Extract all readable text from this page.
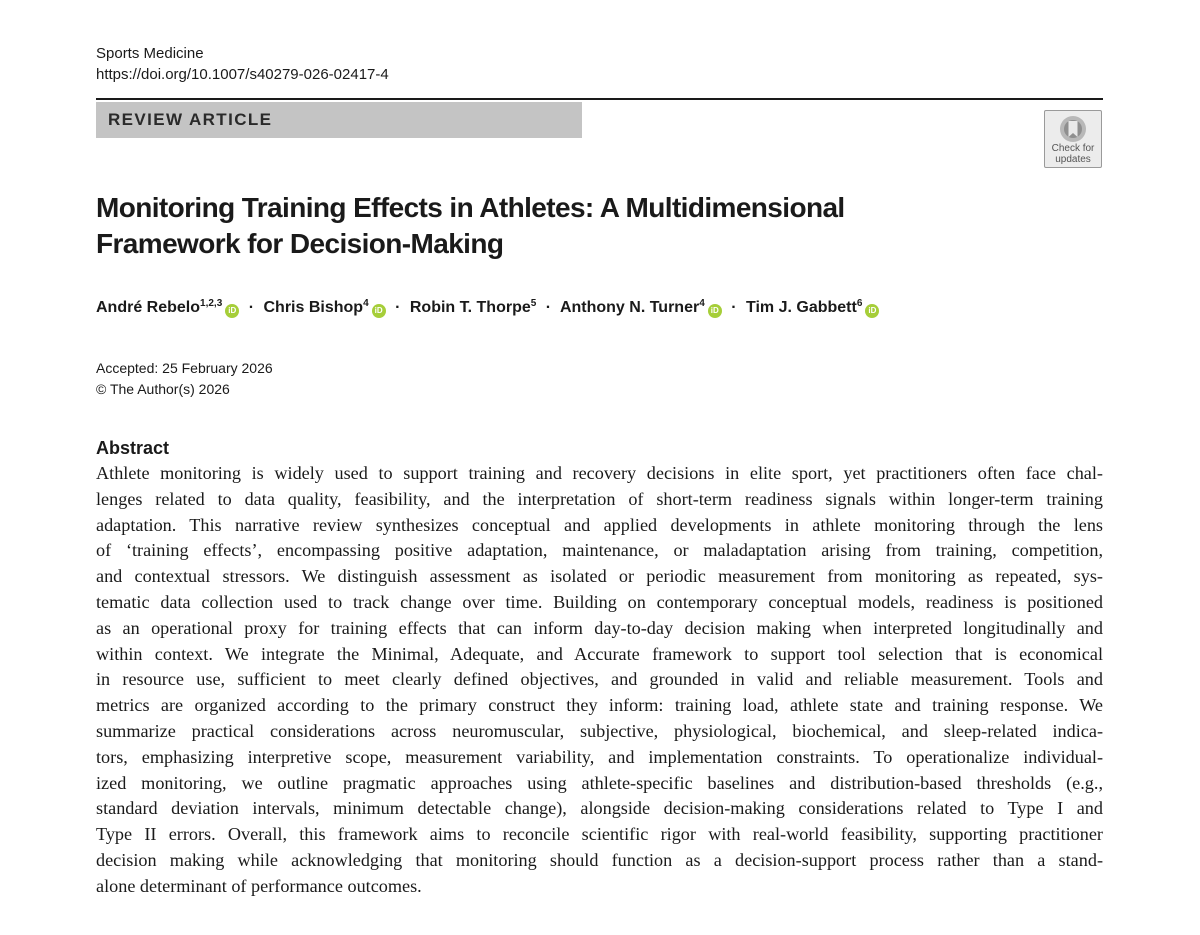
Sports Medicine
https://doi.org/10.1007/s40279-026-02417-4
REVIEW ARTICLE
Check for
updates
Monitoring Training Effects in Athletes: A Multidimensional
Framework for Decision-Making
André Rebelo$^{1,2,3}$iD · Chris Bishop$^4$iD · Robin T. Thorpe$^5$ · Anthony N. Turner$^4$iD · Tim J. Gabbett$^6$iD
Accepted: 25 February 2026
© The Author(s) 2026
Abstract
Athlete monitoring is widely used to support training and recovery decisions in elite sport, yet practitioners often face chal-
lenges related to data quality, feasibility, and the interpretation of short-term readiness signals within longer-term training
adaptation. This narrative review synthesizes conceptual and applied developments in athlete monitoring through the lens
of ‘training effects’, encompassing positive adaptation, maintenance, or maladaptation arising from training, competition,
and contextual stressors. We distinguish assessment as isolated or periodic measurement from monitoring as repeated, sys-
tematic data collection used to track change over time. Building on contemporary conceptual models, readiness is positioned
as an operational proxy for training effects that can inform day-to-day decision making when interpreted longitudinally and
within context. We integrate the Minimal, Adequate, and Accurate framework to support tool selection that is economical
in resource use, sufficient to meet clearly defined objectives, and grounded in valid and reliable measurement. Tools and
metrics are organized according to the primary construct they inform: training load, athlete state and training response. We
summarize practical considerations across neuromuscular, subjective, physiological, biochemical, and sleep-related indica-
tors, emphasizing interpretive scope, measurement variability, and implementation constraints. To operationalize individual-
ized monitoring, we outline pragmatic approaches using athlete-specific baselines and distribution-based thresholds (e.g.,
standard deviation intervals, minimum detectable change), alongside decision-making considerations related to Type I and
Type II errors. Overall, this framework aims to reconcile scientific rigor with real-world feasibility, supporting practitioner
decision making while acknowledging that monitoring should function as a decision-support process rather than a stand-
alone determinant of performance outcomes.
